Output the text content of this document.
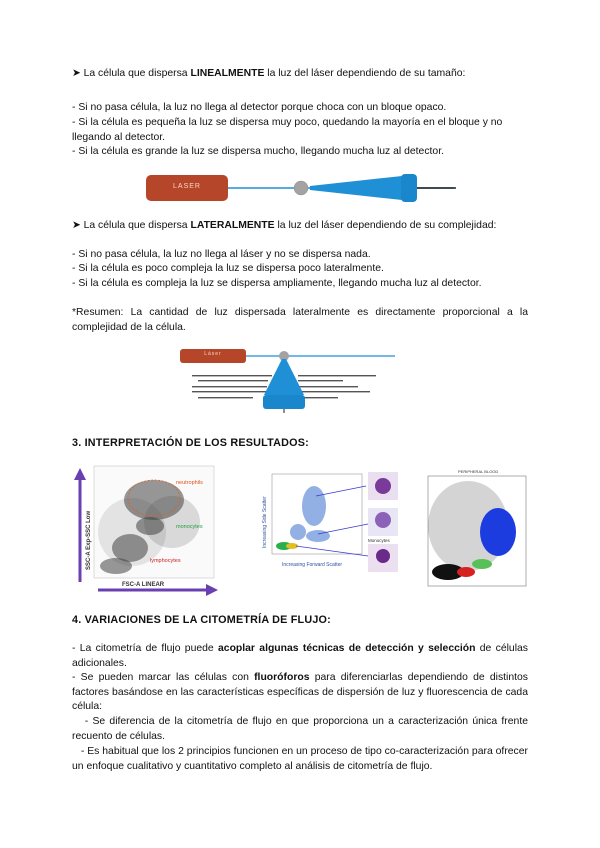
➤ La célula que dispersa LINEALMENTE la luz del láser dependiendo de su tamaño:

- Si no pasa célula, la luz no llega al detector porque choca con un bloque opaco.

- Si la célula es pequeña la luz se dispersa muy poco, quedando la mayoría en el bloque y no llegando al detector.

- Si la célula es grande la luz se dispersa mucho, llegando mucha luz al detector.

LASER

➤ La célula que dispersa LATERALMENTE la luz del láser dependiendo de su complejidad:

- Si no pasa célula, la luz no llega al láser y no se dispersa nada.

- Si la célula es poco compleja la luz se dispersa poco lateralmente.

- Si la célula es compleja la luz se dispersa ampliamente, llegando mucha luz al detector.

*Resumen: La cantidad de luz dispersada lateralmente es directamente proporcional a la complejidad de la célula.

Láser

3. INTERPRETACIÓN DE LOS RESULTADOS:

neutrophils
monocytes
lymphocytes
SSC-A Exp-SSC Low
FSC-A LINEAR
Monocytes
Increasing Side Scatter
Increasing Forward Scatter
PERIPHERAL BLOOD

4. VARIACIONES DE LA CITOMETRÍA DE FLUJO:

- La citometría de flujo puede acoplar algunas técnicas de detección y selección de células adicionales.

- Se pueden marcar las células con fluoróforos para diferenciarlas dependiendo de distintos factores basándose en las características específicas de dispersión de luz y fluorescencia de cada célula:

- Se diferencia de la citometría de flujo en que proporciona un a caracterización única frente recuento de células.

- Es habitual que los 2 principios funcionen en un proceso de tipo co-caracterización para ofrecer un enfoque cualitativo y cuantitativo completo al análisis de citometría de flujo.
